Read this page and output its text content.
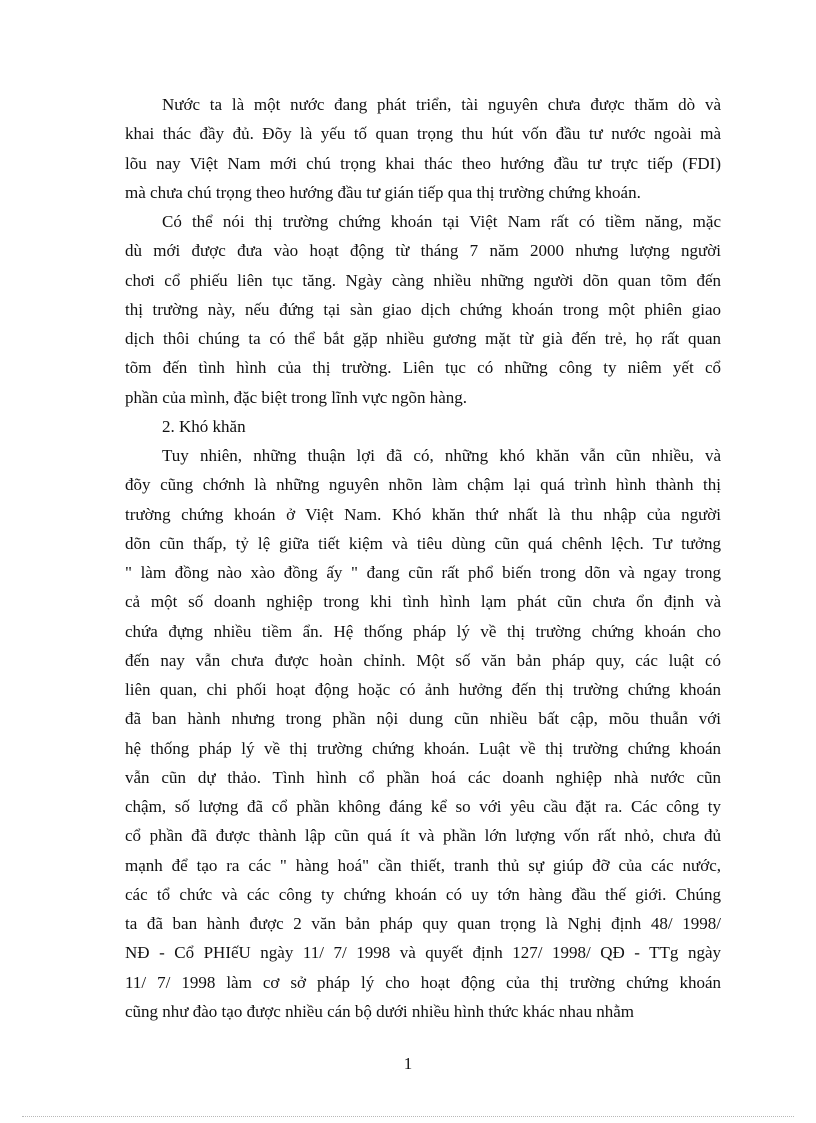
Nước ta là một nước đang phát triển, tài nguyên chưa được thăm dò và
khai thác đầy đủ. Đõy là yếu tố quan trọng thu hút vốn đầu tư nước ngoài mà
lõu nay Việt Nam mới chú trọng khai thác theo hướng đầu tư trực tiếp (FDI)
mà chưa chú trọng theo hướng đầu tư gián tiếp qua thị trường chứng khoán.
Có thể nói thị trường chứng khoán tại Việt Nam rất có tiềm năng, mặc
dù mới được đưa vào hoạt động từ tháng 7 năm 2000 nhưng lượng người
chơi cổ phiếu liên tục tăng. Ngày càng nhiều những người dõn quan tõm đến
thị trường này, nếu đứng tại sàn giao dịch chứng khoán trong một phiên giao
dịch thôi chúng ta có thể bắt gặp nhiều gương mặt từ già đến trẻ, họ rất quan
tõm đến tình hình của thị trường. Liên tục có những công ty niêm yết cổ
phần của mình, đặc biệt trong lĩnh vực ngõn hàng.
2. Khó khăn
Tuy nhiên, những thuận lợi đã có, những khó khăn vẫn cũn nhiều, và
đõy cũng chớnh là những nguyên nhõn làm chậm lại quá trình hình thành thị
trường chứng khoán ở Việt Nam. Khó khăn thứ nhất là thu nhập của người
dõn cũn thấp, tỷ lệ giữa tiết kiệm và tiêu dùng cũn quá chênh lệch. Tư tưởng
" làm đồng nào xào đồng ấy " đang cũn rất phổ biến trong dõn và ngay trong
cả một số doanh nghiệp trong khi tình hình lạm phát cũn chưa ổn định và
chứa đựng nhiều tiềm ẩn. Hệ thống pháp lý về thị trường chứng khoán cho
đến nay vẫn chưa được hoàn chỉnh. Một số văn bản pháp quy, các luật có
liên quan, chi phối hoạt động hoặc có ảnh hưởng đến thị trường chứng khoán
đã ban hành nhưng trong phần nội dung cũn nhiều bất cập, mõu thuẫn với
hệ thống pháp lý về thị trường chứng khoán. Luật về thị trường chứng khoán
vẫn cũn dự thảo. Tình hình cổ phần hoá các doanh nghiệp nhà nước cũn
chậm, số lượng đã cổ phần không đáng kể so với yêu cầu đặt ra. Các công ty
cổ phần đã được thành lập cũn quá ít và phần lớn lượng vốn rất nhỏ, chưa đủ
mạnh để tạo ra các " hàng hoá" cần thiết, tranh thủ sự giúp đỡ của các nước,
các tổ chức và các công ty chứng khoán có uy tớn hàng đầu thế giới. Chúng
ta đã ban hành được 2 văn bản pháp quy quan trọng là Nghị định 48/ 1998/
NĐ - Cổ PHIếU ngày 11/ 7/ 1998 và quyết định 127/ 1998/ QĐ - TTg ngày
11/ 7/ 1998 làm cơ sở pháp lý cho hoạt động của thị trường chứng khoán
cũng như đào tạo được nhiều cán bộ dưới nhiều hình thức khác nhau nhằm
1
